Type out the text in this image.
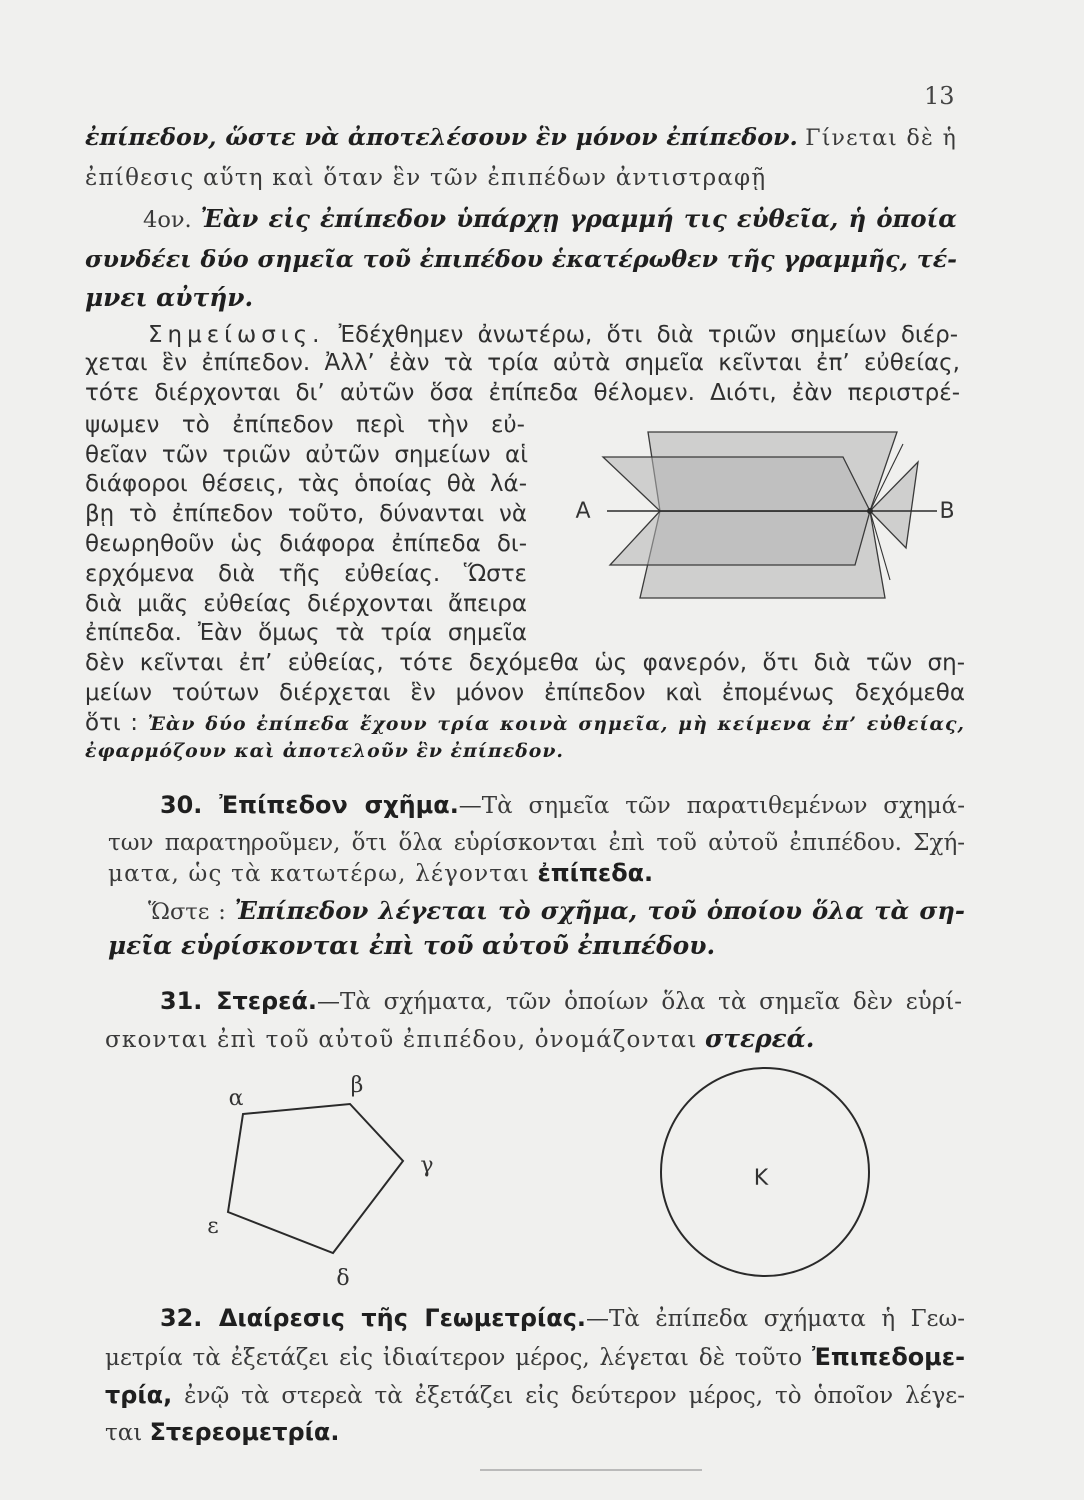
13
ἐπίπεδον, ὥστε νὰ ἀποτελέσουν ἓν μόνον ἐπίπεδον. Γίνεται δὲ ἡ
ἐπίθεσις αὕτη καὶ ὅταν ἓν τῶν ἐπιπέδων ἀντιστραφῇ
4ον. Ἐὰν εἰς ἐπίπεδον ὑπάρχῃ γραμμή τις εὐθεῖα, ἡ ὁποία
συνδέει δύο σημεῖα τοῦ ἐπιπέδου ἑκατέρωθεν τῆς γραμμῆς, τέ-
μνει αὐτήν.
Σημείωσις. Ἐδέχθημεν ἀνωτέρω, ὅτι διὰ τριῶν σημείων διέρ-
χεται ἓν ἐπίπεδον. Ἀλλ’ ἐὰν τὰ τρία αὐτὰ σημεῖα κεῖνται ἐπ’ εὐθείας,
τότε διέρχονται δι’ αὐτῶν ὅσα ἐπίπεδα θέλομεν. Διότι, ἐὰν περιστρέ-
ψωμεν τὸ ἐπίπεδον περὶ τὴν εὐ-
θεῖαν τῶν τριῶν αὐτῶν σημείων αἱ
διάφοροι θέσεις, τὰς ὁποίας θὰ λά-
βῃ τὸ ἐπίπεδον τοῦτο, δύνανται νὰ
θεωρηθοῦν ὡς διάφορα ἐπίπεδα δι-
ερχόμενα διὰ τῆς εὐθείας. Ὥστε
διὰ μιᾶς εὐθείας διέρχονται ἄπειρα
ἐπίπεδα. Ἐὰν ὅμως τὰ τρία σημεῖα
δὲν κεῖνται ἐπ’ εὐθείας, τότε δεχόμεθα ὡς φανερόν, ὅτι διὰ τῶν ση-
μείων τούτων διέρχεται ἓν μόνον ἐπίπεδον καὶ ἐπομένως δεχόμεθα
ὅτι : Ἐὰν δύο ἐπίπεδα ἔχουν τρία κοινὰ σημεῖα, μὴ κείμενα ἐπ’ εὐθείας,
ἐφαρμόζουν καὶ ἀποτελοῦν ἓν ἐπίπεδον.
30. Ἐπίπεδον σχῆμα.—Τὰ σημεῖα τῶν παρατιθεμένων σχημά-
των παρατηροῦμεν, ὅτι ὅλα εὑρίσκονται ἐπὶ τοῦ αὐτοῦ ἐπιπέδου. Σχή-
ματα, ὡς τὰ κατωτέρω, λέγονται ἐπίπεδα.
Ὥστε : Ἐπίπεδον λέγεται τὸ σχῆμα, τοῦ ὁποίου ὅλα τὰ ση-
μεῖα εὑρίσκονται ἐπὶ τοῦ αὐτοῦ ἐπιπέδου.
31. Στερεά.—Τὰ σχήματα, τῶν ὁποίων ὅλα τὰ σημεῖα δὲν εὑρί-
σκονται ἐπὶ τοῦ αὐτοῦ ἐπιπέδου, ὀνομάζονται στερεά.
32. Διαίρεσις τῆς Γεωμετρίας.—Τὰ ἐπίπεδα σχήματα ἡ Γεω-
μετρία τὰ ἐξετάζει εἰς ἰδιαίτερον μέρος, λέγεται δὲ τοῦτο Ἐπιπεδομε-
τρία, ἐνῷ τὰ στερεὰ τὰ ἐξετάζει εἰς δεύτερον μέρος, τὸ ὁποῖον λέγε-
ται Στερεομετρία.
Α	Β
α
β
γ
δ
ε
Κ
